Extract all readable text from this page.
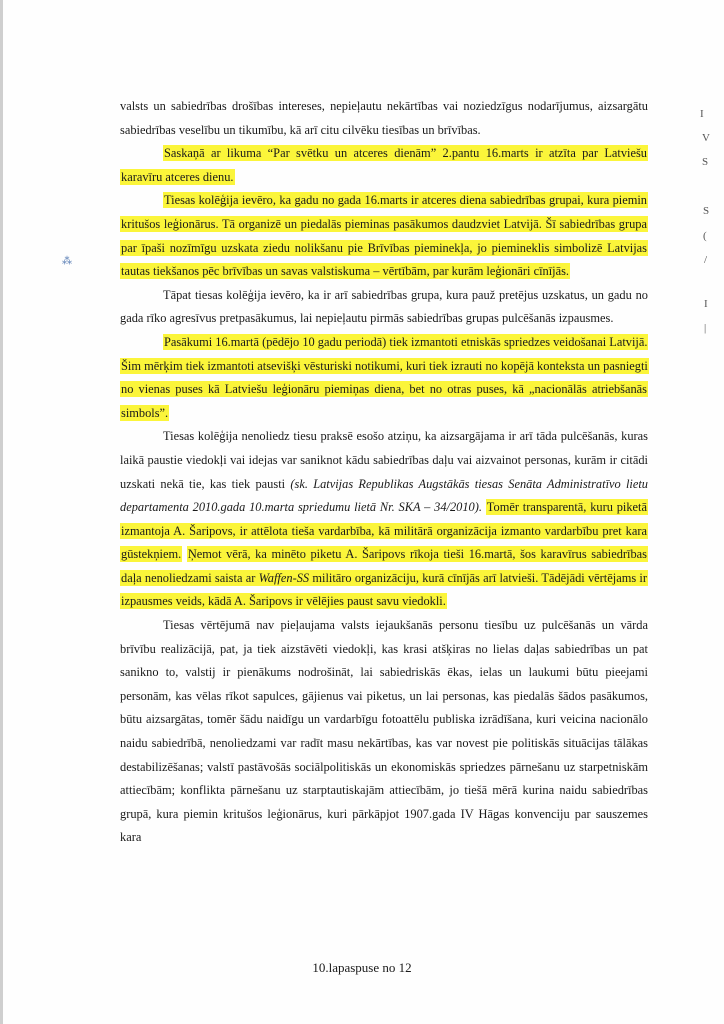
⁂
I
V
S
S
(
/
I
|

valsts un sabiedrības drošības intereses, nepieļautu nekārtības vai noziedzīgus nodarījumus, aizsargātu sabiedrības veselību un tikumību, kā arī citu cilvēku tiesības un brīvības.

Saskaņā ar likuma “Par svētku un atceres dienām” 2.pantu 16.marts ir atzīta par Latviešu karavīru atceres dienu.

Tiesas kolēģija ievēro, ka gadu no gada 16.marts ir atceres diena sabiedrības grupai, kura piemin kritušos leģionārus. Tā organizē un piedalās pieminas pasākumos daudzviet Latvijā. Šī sabiedrības grupa par īpaši nozīmīgu uzskata ziedu nolikšanu pie Brīvības pieminekļa, jo piemineklis simbolizē Latvijas tautas tiekšanos pēc brīvības un savas valstiskuma – vērtībām, par kurām leģionāri cīnījās.

Tāpat tiesas kolēģija ievēro, ka ir arī sabiedrības grupa, kura pauž pretējus uzskatus, un gadu no gada rīko agresīvus pretpasākumus, lai nepieļautu pirmās sabiedrības grupas pulcēšanās izpausmes.

Pasākumi 16.martā (pēdējo 10 gadu periodā) tiek izmantoti etniskās spriedzes veidošanai Latvijā. Šim mērķim tiek izmantoti atsevišķi vēsturiski notikumi, kuri tiek izrauti no kopējā konteksta un pasniegti no vienas puses kā Latviešu leģionāru piemiņas diena, bet no otras puses, kā „nacionālās atriebšanās simbols”.

Tiesas kolēģija nenoliedz tiesu praksē esošo atziņu, ka aizsargājama ir arī tāda pulcēšanās, kuras laikā paustie viedokļi vai idejas var saniknot kādu sabiedrības daļu vai aizvainot personas, kurām ir citādi uzskati nekā tie, kas tiek pausti (sk. Latvijas Republikas Augstākās tiesas Senāta Administratīvo lietu departamenta 2010.gada 10.marta spriedumu lietā Nr. SKA – 34/2010). Tomēr transparentā, kuru piketā izmantoja A. Šaripovs, ir attēlota tieša vardarbība, kā militārā organizācija izmanto vardarbību pret kara gūstekņiem. Ņemot vērā, ka minēto piketu A. Šaripovs rīkoja tieši 16.martā, šos karavīrus sabiedrības daļa nenoliedzami saista ar Waffen-SS militāro organizāciju, kurā cīnījās arī latvieši. Tādējādi vērtējams ir izpausmes veids, kādā A. Šaripovs ir vēlējies paust savu viedokli.

Tiesas vērtējumā nav pieļaujama valsts iejaukšanās personu tiesību uz pulcēšanās un vārda brīvību realizācijā, pat, ja tiek aizstāvēti viedokļi, kas krasi atšķiras no lielas daļas sabiedrības un pat sanikno to, valstij ir pienākums nodrošināt, lai sabiedriskās ēkas, ielas un laukumi būtu pieejami personām, kas vēlas rīkot sapulces, gājienus vai piketus, un lai personas, kas piedalās šādos pasākumos, būtu aizsargātas, tomēr šādu naidīgu un vardarbīgu fotoattēlu publiska izrādīšana, kuri veicina nacionālo naidu sabiedrībā, nenoliedzami var radīt masu nekārtības, kas var novest pie politiskās situācijas tālākas destabilizēšanas; valstī pastāvošās sociālpolitiskās un ekonomiskās spriedzes pārnešanu uz starpetniskām attiecībām; konflikta pārnešanu uz starptautiskajām attiecībām, jo tiešā mērā kurina naidu sabiedrības grupā, kura piemin kritušos leģionārus, kuri pārkāpjot 1907.gada IV Hāgas konvenciju par sauszemes kara

10.lapaspuse no 12
